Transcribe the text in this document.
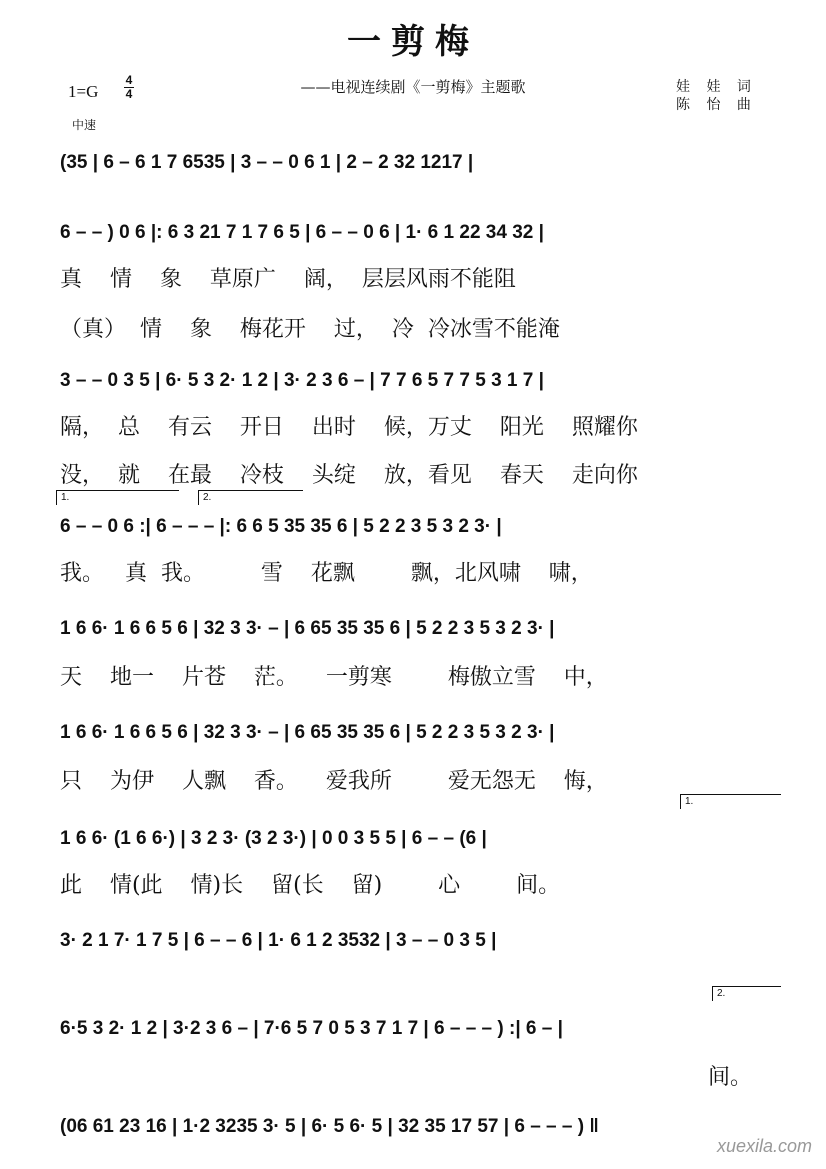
一剪梅
1=G
4
4	——电视连续剧《一剪梅》主题歌	娃 娃 词
陈 怡 曲
中速
(35 | 6 – 6 1 7 6535 | 3 – – 0 6 1 | 2 – 2 32 1217 |
6 – – ) 0 6 |: 6 3 21 7 1 7 6 5 | 6 – – 0 6 | 1· 6 1 22 34 32 |
真    情    象    草原广    阔，  层层风雨不能阻
（真）  情    象    梅花开    过，  冷  冷冰雪不能淹
3 – – 0 3 5 | 6· 5 3 2· 1 2 | 3· 2 3 6 – | 7 7 6 5 7 7 5 3 1 7 |
隔，  总    有云    开日    出时    候，万丈    阳光    照耀你
没，  就    在最    冷枝    头绽    放，看见    春天    走向你
1.	2.
6 – – 0 6 :| 6 – – – |: 6 6 5 35 35 6 | 5 2 2 3 5 3 2 3· |
我。   真  我。        雪    花飘        飘，北风啸    啸，
1 6 6· 1 6 6 5 6 | 32 3 3· – | 6 65 35 35 6 | 5 2 2 3 5 3 2 3· |
天    地一    片苍    茫。    一剪寒        梅傲立雪    中，
1 6 6· 1 6 6 5 6 | 32 3 3· – | 6 65 35 35 6 | 5 2 2 3 5 3 2 3· |
只    为伊    人飘    香。    爱我所        爱无怨无    悔，
1.
1 6 6· (1 6 6·) | 3 2 3· (3 2 3·) | 0 0 3 5 5 | 6 – – (6 |
此    情(此    情)长    留(长    留)        心        间。
3· 2 1 7· 1 7 5 | 6 – – 6 | 1· 6 1 2 3532 | 3 – – 0 3 5 |
2.
6·5 3 2· 1 2 | 3·2 3 6 – | 7·6 5 7 0 5 3 7 1 7 | 6 – – – ) :| 6 – |
间。
(06 61 23 16 | 1·2 3235 3· 5 | 6· 5 6· 5 | 32 35 17 57 | 6 – – – ) ‖
xuexila.com
